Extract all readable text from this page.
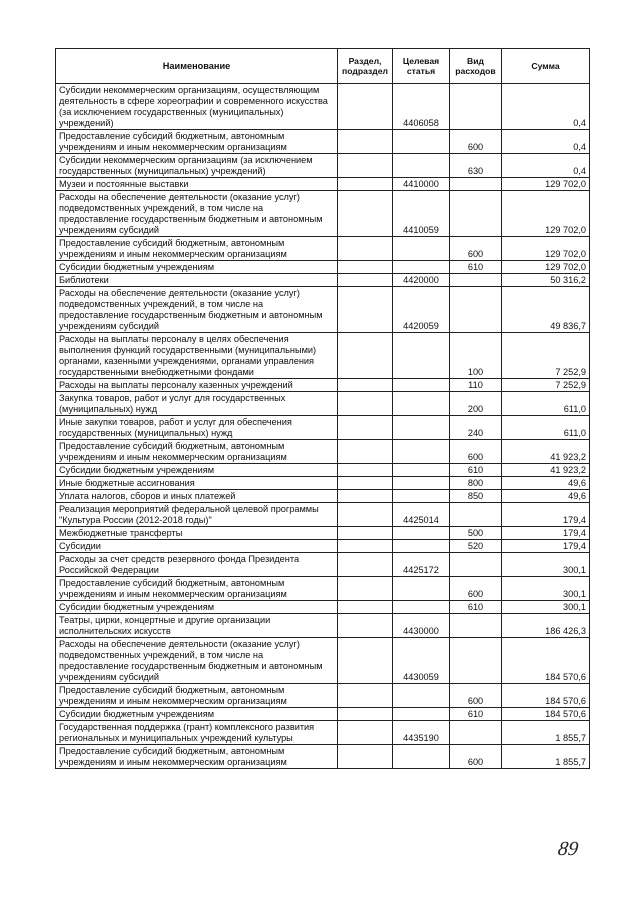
Наименование	Раздел, подраздел	Целевая статья	Вид расходов	Сумма
Субсидии некоммерческим организациям, осуществляющим деятельность в сфере хореографии и современного искусства (за исключением государственных (муниципальных) учреждений)		4406058		0,4
Предоставление субсидий бюджетным, автономным учреждениям и иным некоммерческим организациям			600	0,4
Субсидии некоммерческим организациям (за исключением государственных (муниципальных) учреждений)			630	0,4
Музеи и постоянные выставки		4410000		129 702,0
Расходы на обеспечение деятельности (оказание услуг) подведомственных учреждений, в том числе на предоставление государственным бюджетным и автономным учреждениям субсидий		4410059		129 702,0
Предоставление субсидий бюджетным, автономным учреждениям и иным некоммерческим организациям			600	129 702,0
Субсидии бюджетным учреждениям			610	129 702,0
Библиотеки		4420000		50 316,2
Расходы на обеспечение деятельности (оказание услуг) подведомственных учреждений, в том числе на предоставление государственным бюджетным и автономным учреждениям субсидий		4420059		49 836,7
Расходы на выплаты персоналу в целях обеспечения выполнения функций государственными (муниципальными) органами, казенными учреждениями, органами управления государственными внебюджетными фондами			100	7 252,9
Расходы на выплаты персоналу казенных учреждений			110	7 252,9
Закупка товаров, работ и услуг для государственных (муниципальных) нужд			200	611,0
Иные закупки товаров, работ и услуг для обеспечения государственных (муниципальных) нужд			240	611,0
Предоставление субсидий бюджетным, автономным учреждениям и иным некоммерческим организациям			600	41 923,2
Субсидии бюджетным учреждениям			610	41 923,2
Иные бюджетные ассигнования			800	49,6
Уплата налогов, сборов и иных платежей			850	49,6
Реализация мероприятий федеральной целевой программы "Культура России (2012-2018 годы)"		4425014		179,4
Межбюджетные трансферты			500	179,4
Субсидии			520	179,4
Расходы за счет средств резервного фонда Президента Российской Федерации		4425172		300,1
Предоставление субсидий бюджетным, автономным учреждениям и иным некоммерческим организациям			600	300,1
Субсидии бюджетным учреждениям			610	300,1
Театры, цирки, концертные и другие организации исполнительских искусств		4430000		186 426,3
Расходы на обеспечение деятельности (оказание услуг) подведомственных учреждений, в том числе на предоставление государственным бюджетным и автономным учреждениям субсидий		4430059		184 570,6
Предоставление субсидий бюджетным, автономным учреждениям и иным некоммерческим организациям			600	184 570,6
Субсидии бюджетным учреждениям			610	184 570,6
Государственная поддержка (грант) комплексного развития региональных и муниципальных учреждений культуры		4435190		1 855,7
Предоставление субсидий бюджетным, автономным учреждениям и иным некоммерческим организациям			600	1 855,7
89
